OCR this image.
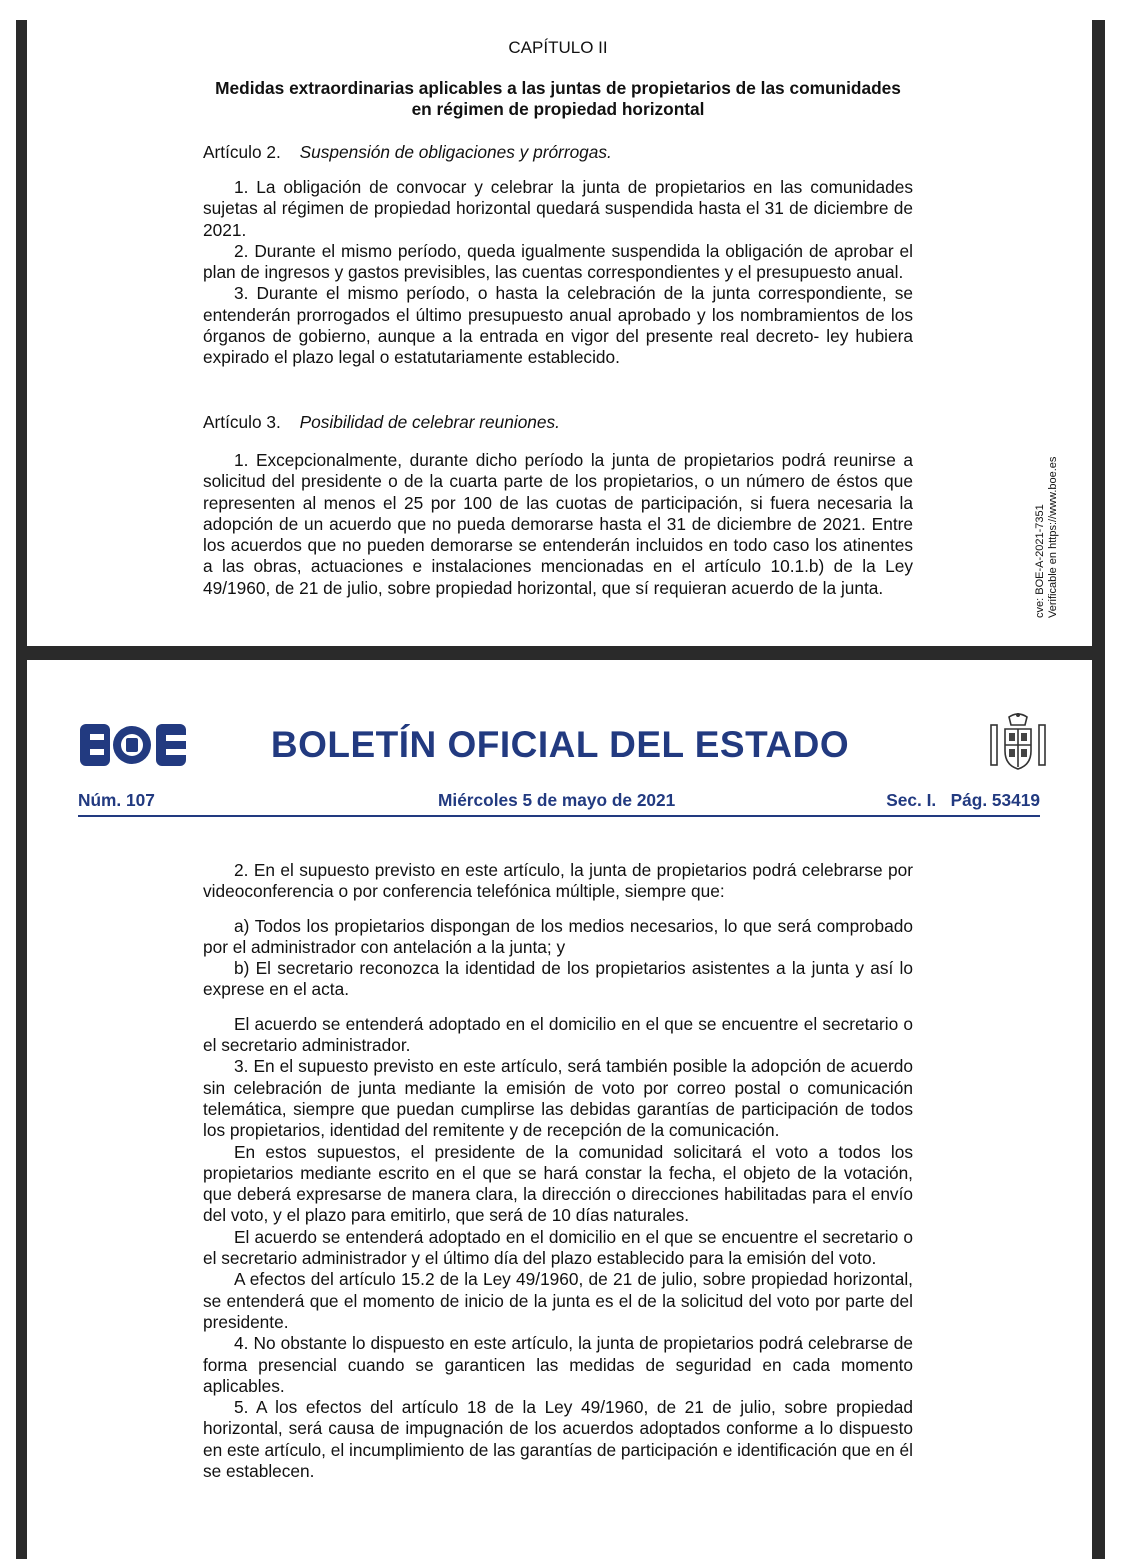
CAPÍTULO II
Medidas extraordinarias aplicables a las juntas de propietarios de las comunidades
en régimen de propiedad horizontal
Artículo 2. Suspensión de obligaciones y prórrogas.

1. La obligación de convocar y celebrar la junta de propietarios en las comunidades sujetas al régimen de propiedad horizontal quedará suspendida hasta el 31 de diciembre de 2021.

2. Durante el mismo período, queda igualmente suspendida la obligación de aprobar el plan de ingresos y gastos previsibles, las cuentas correspondientes y el presupuesto anual.

3. Durante el mismo período, o hasta la celebración de la junta correspondiente, se entenderán prorrogados el último presupuesto anual aprobado y los nombramientos de los órganos de gobierno, aunque a la entrada en vigor del presente real decreto- ley hubiera expirado el plazo legal o estatutariamente establecido.

Artículo 3. Posibilidad de celebrar reuniones.

1. Excepcionalmente, durante dicho período la junta de propietarios podrá reunirse a solicitud del presidente o de la cuarta parte de los propietarios, o un número de éstos que representen al menos el 25 por 100 de las cuotas de participación, si fuera necesaria la adopción de un acuerdo que no pueda demorarse hasta el 31 de diciembre de 2021. Entre los acuerdos que no pueden demorarse se entenderán incluidos en todo caso los atinentes a las obras, actuaciones e instalaciones mencionadas en el artículo 10.1.b) de la Ley 49/1960, de 21 de julio, sobre propiedad horizontal, que sí requieran acuerdo de la junta.	cve: BOE-A-2021-7351 Verificable en https://www.boe.es
BOLETÍN OFICIAL DEL ESTADO
Núm. 107	Miércoles 5 de mayo de 2021	Sec. I.   Pág. 53419

2. En el supuesto previsto en este artículo, la junta de propietarios podrá celebrarse por videoconferencia o por conferencia telefónica múltiple, siempre que:

a) Todos los propietarios dispongan de los medios necesarios, lo que será comprobado por el administrador con antelación a la junta; y

b) El secretario reconozca la identidad de los propietarios asistentes a la junta y así lo exprese en el acta.

El acuerdo se entenderá adoptado en el domicilio en el que se encuentre el secretario o el secretario administrador.

3. En el supuesto previsto en este artículo, será también posible la adopción de acuerdo sin celebración de junta mediante la emisión de voto por correo postal o comunicación telemática, siempre que puedan cumplirse las debidas garantías de participación de todos los propietarios, identidad del remitente y de recepción de la comunicación.

En estos supuestos, el presidente de la comunidad solicitará el voto a todos los propietarios mediante escrito en el que se hará constar la fecha, el objeto de la votación, que deberá expresarse de manera clara, la dirección o direcciones habilitadas para el envío del voto, y el plazo para emitirlo, que será de 10 días naturales.

El acuerdo se entenderá adoptado en el domicilio en el que se encuentre el secretario o el secretario administrador y el último día del plazo establecido para la emisión del voto.

A efectos del artículo 15.2 de la Ley 49/1960, de 21 de julio, sobre propiedad horizontal, se entenderá que el momento de inicio de la junta es el de la solicitud del voto por parte del presidente.

4. No obstante lo dispuesto en este artículo, la junta de propietarios podrá celebrarse de forma presencial cuando se garanticen las medidas de seguridad en cada momento aplicables.

5. A los efectos del artículo 18 de la Ley 49/1960, de 21 de julio, sobre propiedad horizontal, será causa de impugnación de los acuerdos adoptados conforme a lo dispuesto en este artículo, el incumplimiento de las garantías de participación e identificación que en él se establecen.
